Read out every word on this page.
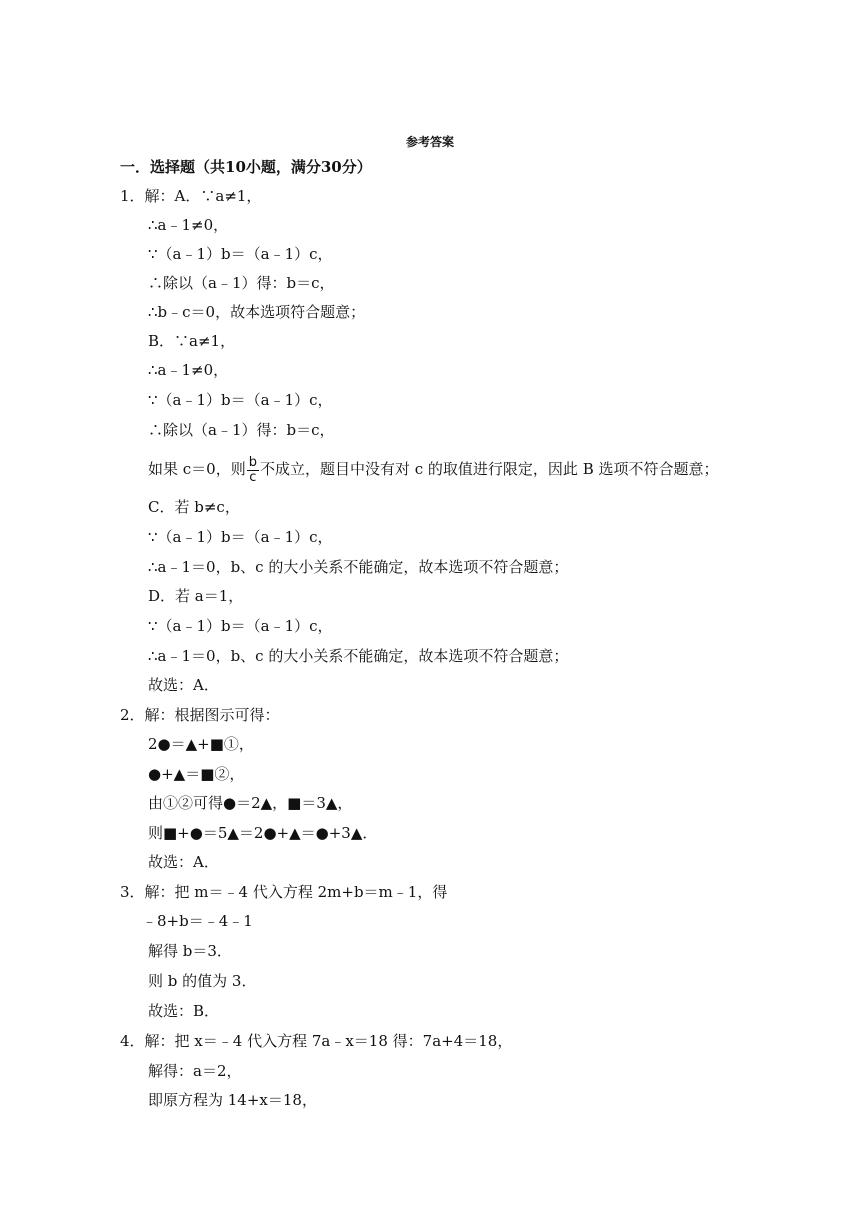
参考答案
一．选择题（共10小题，满分30分）
1．解：A．∵a≠1，
∴a﹣1≠0，
∵（a﹣1）b＝（a﹣1）c，
∴除以（a﹣1）得：b＝c，
∴b﹣c＝0，故本选项符合题意；
B．∵a≠1，
∴a﹣1≠0，
∵（a﹣1）b＝（a﹣1）c，
∴除以（a﹣1）得：b＝c，
如果 c＝0，则 $\frac{b}{c}$ 不成立，题目中没有对 c 的取值进行限定，因此 B 选项不符合题意；
C．若 b≠c，
∵（a﹣1）b＝（a﹣1）c，
∴a﹣1＝0，b、c 的大小关系不能确定，故本选项不符合题意；
D．若 a＝1，
∵（a﹣1）b＝（a﹣1）c，
∴a﹣1＝0，b、c 的大小关系不能确定，故本选项不符合题意；
故选：A．
2．解：根据图示可得：
2●＝▲+■①，
●+▲＝■②，
由①②可得●＝2▲，■＝3▲，
则■+●＝5▲＝2●+▲＝●+3▲．
故选：A．
3．解：把 m＝﹣4 代入方程 2m+b＝m﹣1，得
﹣8+b＝﹣4﹣1
解得 b＝3．
则 b 的值为 3．
故选：B．
4．解：把 x＝﹣4 代入方程 7a﹣x＝18 得：7a+4＝18，
解得：a＝2，
即原方程为 14+x＝18，
